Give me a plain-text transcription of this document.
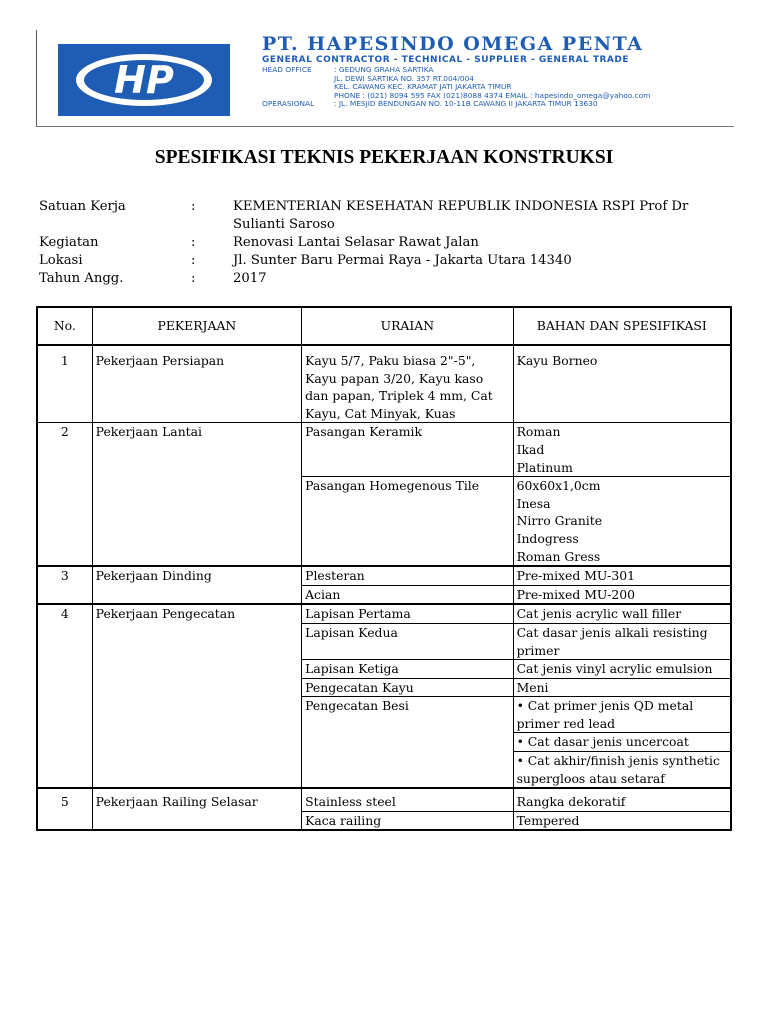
HP
PT. HAPESINDO OMEGA PENTA
GENERAL CONTRACTOR - TECHNICAL - SUPPLIER - GENERAL TRADE
HEAD OFFICE	: GEDUNG GRAHA SARTIKA
JL. DEWI SARTIKA NO. 357 RT.004/004
KEL. CAWANG KEC. KRAMAT JATI JAKARTA TIMUR
PHONE : (021) 8094 595 FAX (021)8088 4374 EMAIL : hapesindo_omega@yahoo.com
OPERASIONAL	: JL. MESJID BENDUNGAN NO. 10-11B CAWANG II JAKARTA TIMUR 13630
SPESIFIKASI TEKNIS PEKERJAAN KONSTRUKSI
Satuan Kerja	:	KEMENTERIAN KESEHATAN REPUBLIK INDONESIA RSPI Prof Dr Sulianti Saroso
Kegiatan	:	Renovasi Lantai Selasar Rawat Jalan
Lokasi	:	Jl. Sunter Baru Permai Raya - Jakarta Utara 14340
Tahun Angg.	:	2017
No.	PEKERJAAN	URAIAN	BAHAN DAN SPESIFIKASI
1	Pekerjaan Persiapan	Kayu 5/7, Paku biasa 2"-5", Kayu papan 3/20, Kayu kaso dan papan, Triplek 4 mm, Cat Kayu, Cat Minyak, Kuas	Kayu Borneo
2	Pekerjaan Lantai	Pasangan Keramik	Roman
Ikad
Platinum

		Pasangan Homegenous Tile	60x60x1,0cm
Inesa
Nirro Granite
Indogress
Roman Gress

3	Pekerjaan Dinding	Plesteran	Pre-mixed MU-301
		Acian	Pre-mixed MU-200
4	Pekerjaan Pengecatan	Lapisan Pertama	Cat jenis acrylic wall filler
		Lapisan Kedua	Cat dasar jenis alkali resisting primer
		Lapisan Ketiga	Cat jenis vinyl acrylic emulsion
		Pengecatan Kayu	Meni
		Pengecatan Besi	• Cat primer jenis QD metal primer red lead
			• Cat dasar jenis uncercoat
			• Cat akhir/finish jenis synthetic supergloos atau setaraf
5	Pekerjaan Railing Selasar	Stainless steel	Rangka dekoratif
		Kaca railing	Tempered
